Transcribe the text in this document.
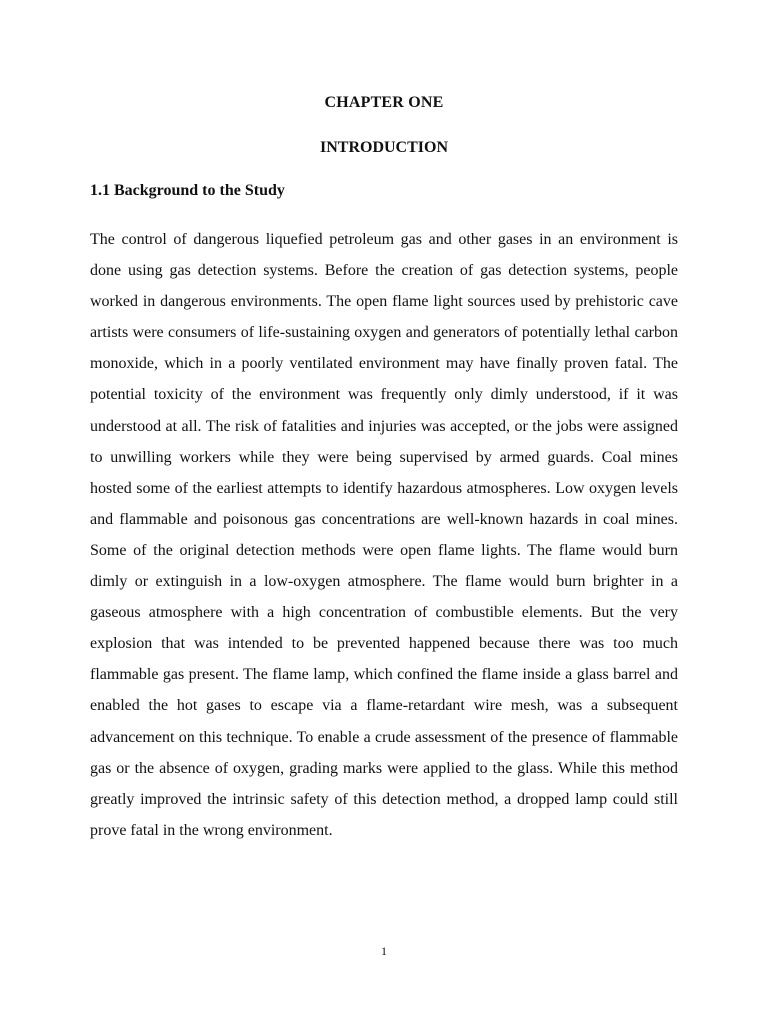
CHAPTER ONE
INTRODUCTION
1.1 Background to the Study

The control of dangerous liquefied petroleum gas and other gases in an environment is done using gas detection systems. Before the creation of gas detection systems, people worked in dangerous environments. The open flame light sources used by prehistoric cave artists were consumers of life-sustaining oxygen and generators of potentially lethal carbon monoxide, which in a poorly ventilated environment may have finally proven fatal. The potential toxicity of the environment was frequently only dimly understood, if it was understood at all. The risk of fatalities and injuries was accepted, or the jobs were assigned to unwilling workers while they were being supervised by armed guards. Coal mines hosted some of the earliest attempts to identify hazardous atmospheres. Low oxygen levels and flammable and poisonous gas concentrations are well-known hazards in coal mines. Some of the original detection methods were open flame lights. The flame would burn dimly or extinguish in a low-oxygen atmosphere. The flame would burn brighter in a gaseous atmosphere with a high concentration of combustible elements. But the very explosion that was intended to be prevented happened because there was too much flammable gas present. The flame lamp, which confined the flame inside a glass barrel and enabled the hot gases to escape via a flame-retardant wire mesh, was a subsequent advancement on this technique. To enable a crude assessment of the presence of flammable gas or the absence of oxygen, grading marks were applied to the glass. While this method greatly improved the intrinsic safety of this detection method, a dropped lamp could still prove fatal in the wrong environment.

1
